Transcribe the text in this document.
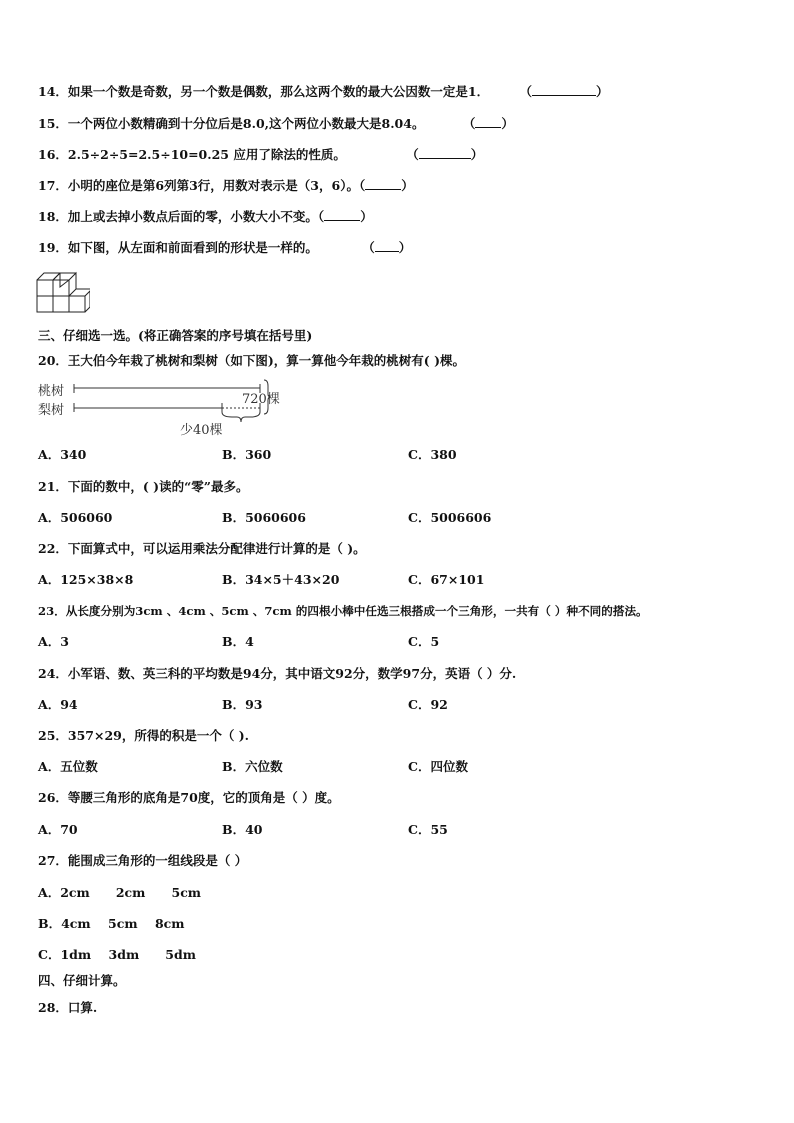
14．如果一个数是奇数，另一个数是偶数，那么这两个数的最大公因数一定是1． （	）
15．一个两位小数精确到十分位后是8.0,这个两位小数最大是8.04。	（ ）
16．2.5÷2÷5=2.5÷10=0.25 应用了除法的性质。	（	）
17．小明的座位是第6列第3行，用数对表示是（3，6）。（	）
18．加上或去掉小数点后面的零，小数大小不变。（	）
19．如下图，从左面和前面看到的形状是一样的。	（ ）
三、仔细选一选。(将正确答案的序号填在括号里)
20．王大伯今年栽了桃树和梨树（如下图)，算一算他今年栽的桃树有( )棵。
桃树
梨树
720棵
少40棵
A．340	B．360	C．380
21．下面的数中，( )读的“零”最多。
A．506060	B．5060606	C．5006606
22．下面算式中，可以运用乘法分配律进行计算的是（ )。
A．125×38×8	B．34×5＋43×20	C．67×101
23．从长度分别为3cm 、4cm 、5cm 、7cm 的四根小棒中任选三根搭成一个三角形，一共有（ ）种不同的搭法。
A．3	B．4	C．5
24．小军语、数、英三科的平均数是94分，其中语文92分，数学97分，英语（ ）分.
A．94	B．93	C．92
25．357×29，所得的积是一个（ ).
A．五位数	B．六位数	C．四位数
26．等腰三角形的底角是70度，它的顶角是（ ）度。
A．70	B．40	C．55
27．能围成三角形的一组线段是（ ）
A．2cm      2cm      5cm
B．4cm    5cm    8cm
C．1dm    3dm      5dm
四、仔细计算。
28．口算.
